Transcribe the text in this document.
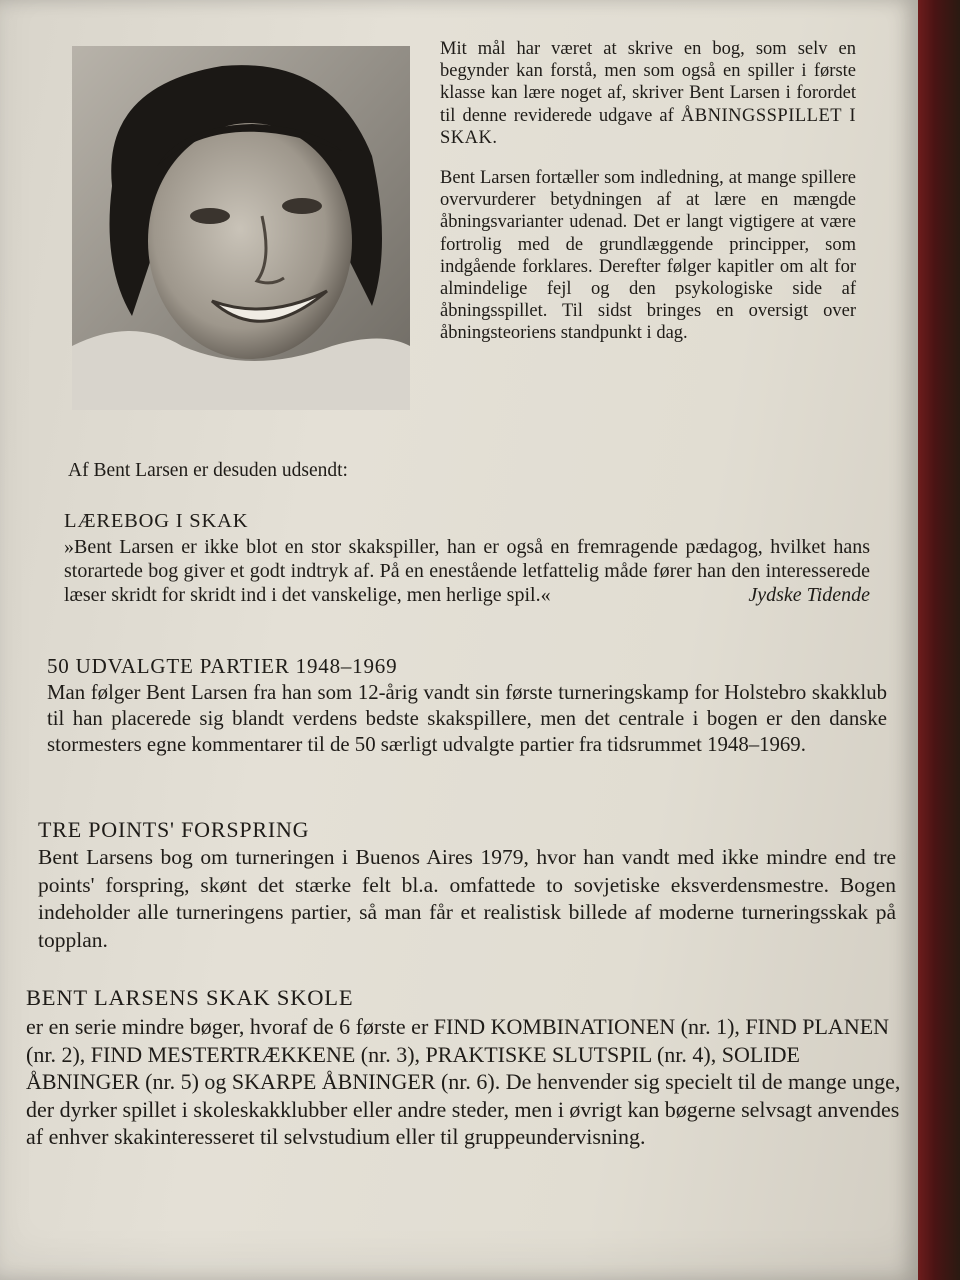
Mit mål har været at skrive en bog, som selv en begynder kan forstå, men som også en spiller i første klasse kan lære noget af, skriver Bent Larsen i forordet til denne reviderede udgave af ÅBNINGSSPILLET I SKAK.

Bent Larsen fortæller som indledning, at mange spillere overvurderer betydningen af at lære en mængde åbningsvarianter udenad. Det er langt vigtigere at være fortrolig med de grundlæggende principper, som indgående forklares. Derefter følger kapitler om alt for almindelige fejl og den psykologiske side af åbningsspillet. Til sidst bringes en oversigt over åbningsteoriens standpunkt i dag.

Af Bent Larsen er desuden udsendt:
LÆREBOG I SKAK

»Bent Larsen er ikke blot en stor skakspiller, han er også en fremragende pædagog, hvilket hans storartede bog giver et godt indtryk af. På en enestående letfattelig måde fører han den interesserede læser skridt for skridt ind i det vanskelige, men herlige spil.«	Jydske Tidende
50 UDVALGTE PARTIER 1948–1969

Man følger Bent Larsen fra han som 12-årig vandt sin første turneringskamp for Holstebro skakklub til han placerede sig blandt verdens bedste skakspillere, men det centrale i bogen er den danske stormesters egne kommentarer til de 50 særligt udvalgte partier fra tidsrummet 1948–1969.

TRE POINTS' FORSPRING

Bent Larsens bog om turneringen i Buenos Aires 1979, hvor han vandt med ikke mindre end tre points' forspring, skønt det stærke felt bl.a. omfattede to sovjetiske eksverdensmestre. Bogen indeholder alle turneringens partier, så man får et realistisk billede af moderne turneringsskak på topplan.

BENT LARSENS SKAK SKOLE

er en serie mindre bøger, hvoraf de 6 første er FIND KOMBINATIONEN (nr. 1), FIND PLANEN (nr. 2), FIND MESTERTRÆKKENE (nr. 3), PRAKTISKE SLUTSPIL (nr. 4), SOLIDE ÅBNINGER (nr. 5) og SKARPE ÅBNINGER (nr. 6). De henvender sig specielt til de mange unge, der dyrker spillet i skoleskakklubber eller andre steder, men i øvrigt kan bøgerne selvsagt anvendes af enhver skakinteresseret til selvstudium eller til gruppeundervisning.
